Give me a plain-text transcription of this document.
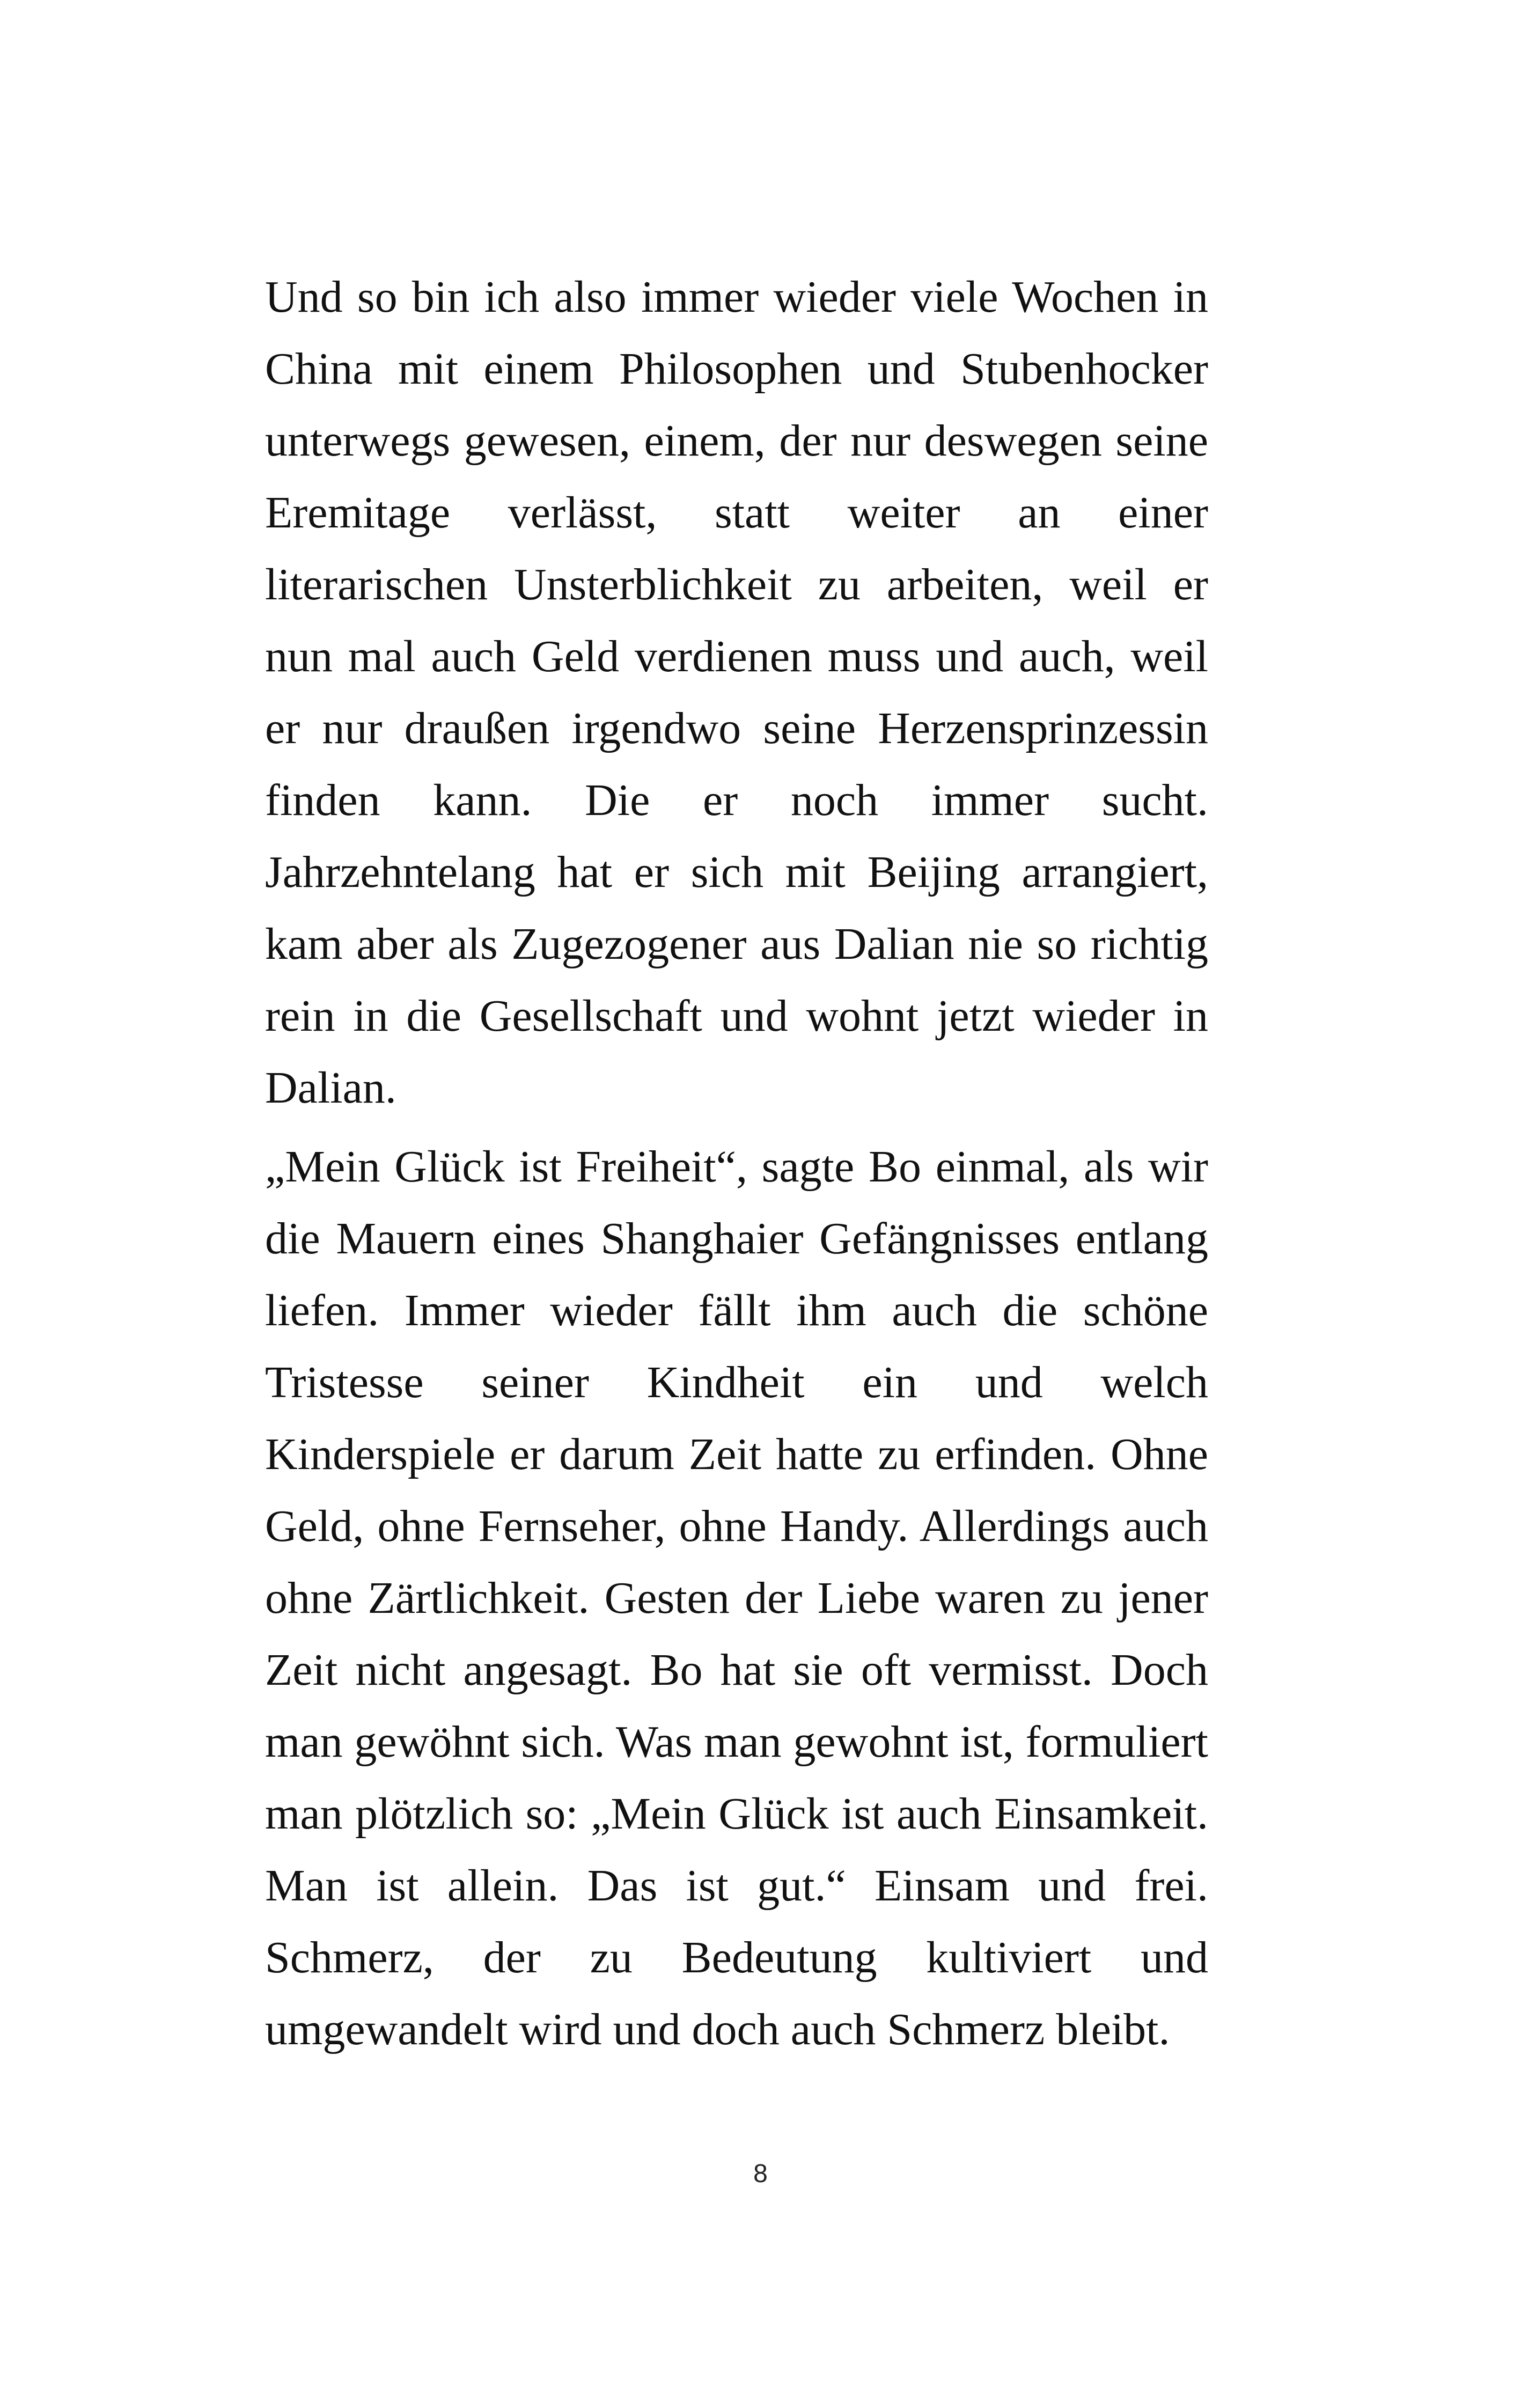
Und so bin ich also immer wieder viele Wochen in China mit einem Philosophen und Stubenhocker unterwegs gewesen, einem, der nur deswegen seine Eremitage verlässt, statt weiter an einer literarischen Unsterblichkeit zu arbeiten, weil er nun mal auch Geld verdienen muss und auch, weil er nur draußen irgendwo seine Herzensprinzessin finden kann. Die er noch immer sucht. Jahrzehntelang hat er sich mit Beijing arrangiert, kam aber als Zugezogener aus Dalian nie so richtig rein in die Gesellschaft und wohnt jetzt wieder in Dalian.

„Mein Glück ist Freiheit“, sagte Bo einmal, als wir die Mauern eines Shanghaier Gefängnisses entlang liefen. Immer wieder fällt ihm auch die schöne Tristesse seiner Kindheit ein und welch Kinderspiele er darum Zeit hatte zu erfinden. Ohne Geld, ohne Fernseher, ohne Handy. Allerdings auch ohne Zärtlichkeit. Gesten der Liebe waren zu jener Zeit nicht angesagt. Bo hat sie oft vermisst. Doch man gewöhnt sich. Was man gewohnt ist, formuliert man plötzlich so: „Mein Glück ist auch Einsamkeit. Man ist allein. Das ist gut.“ Einsam und frei. Schmerz, der zu Bedeutung kultiviert und umgewandelt wird und doch auch Schmerz bleibt.

8
